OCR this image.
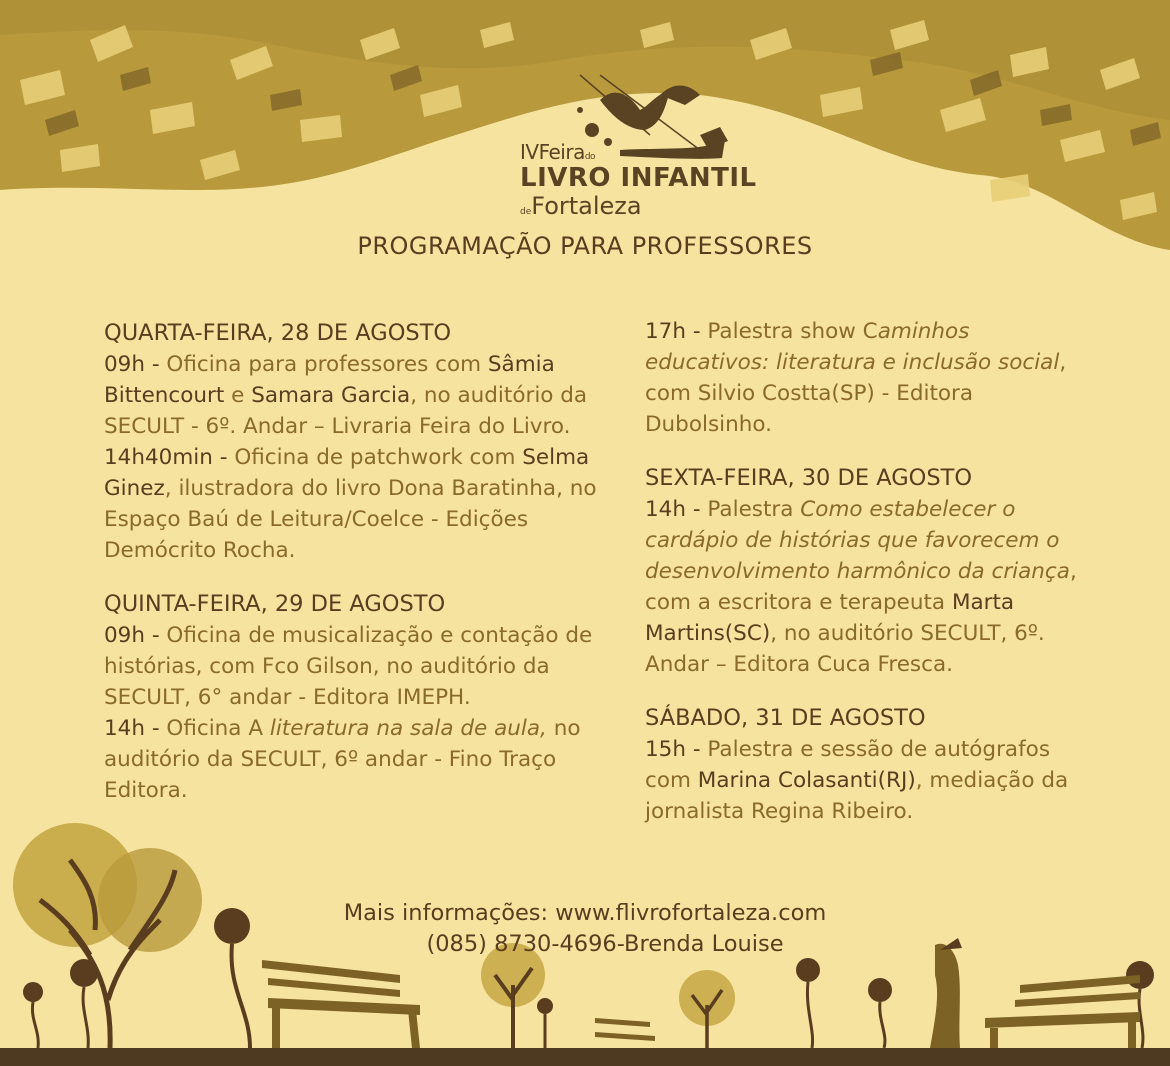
IVFeirado
LIVRO INFANTIL
deFortaleza
PROGRAMAÇÃO PARA PROFESSORES
QUARTA-FEIRA, 28 DE AGOSTO

09h - Oficina para professores com Sâmia Bittencourt e Samara Garcia, no auditório da SECULT - 6º. Andar – Livraria Feira do Livro.

14h40min - Oficina de patchwork com Selma Ginez, ilustradora do livro Dona Baratinha, no Espaço Baú de Leitura/Coelce - Edições Demócrito Rocha.

QUINTA-FEIRA, 29 DE AGOSTO

09h - Oficina de musicalização e contação de histórias, com Fco Gilson, no auditório da SECULT, 6° andar - Editora IMEPH.

14h - Oficina A literatura na sala de aula, no auditório da SECULT, 6º andar - Fino Traço Editora.

17h - Palestra show Caminhos educativos: literatura e inclusão social, com Silvio Costta(SP) - Editora Dubolsinho.

SEXTA-FEIRA, 30 DE AGOSTO

14h - Palestra Como estabelecer o cardápio de histórias que favorecem o desenvolvimento harmônico da criança, com a escritora e terapeuta Marta Martins(SC), no auditório SECULT, 6º. Andar – Editora Cuca Fresca.

SÁBADO, 31 DE AGOSTO

15h - Palestra e sessão de autógrafos com Marina Colasanti(RJ), mediação da jornalista Regina Ribeiro.

Mais informações: www.flivrofortaleza.com
(085) 8730-4696-Brenda Louise
